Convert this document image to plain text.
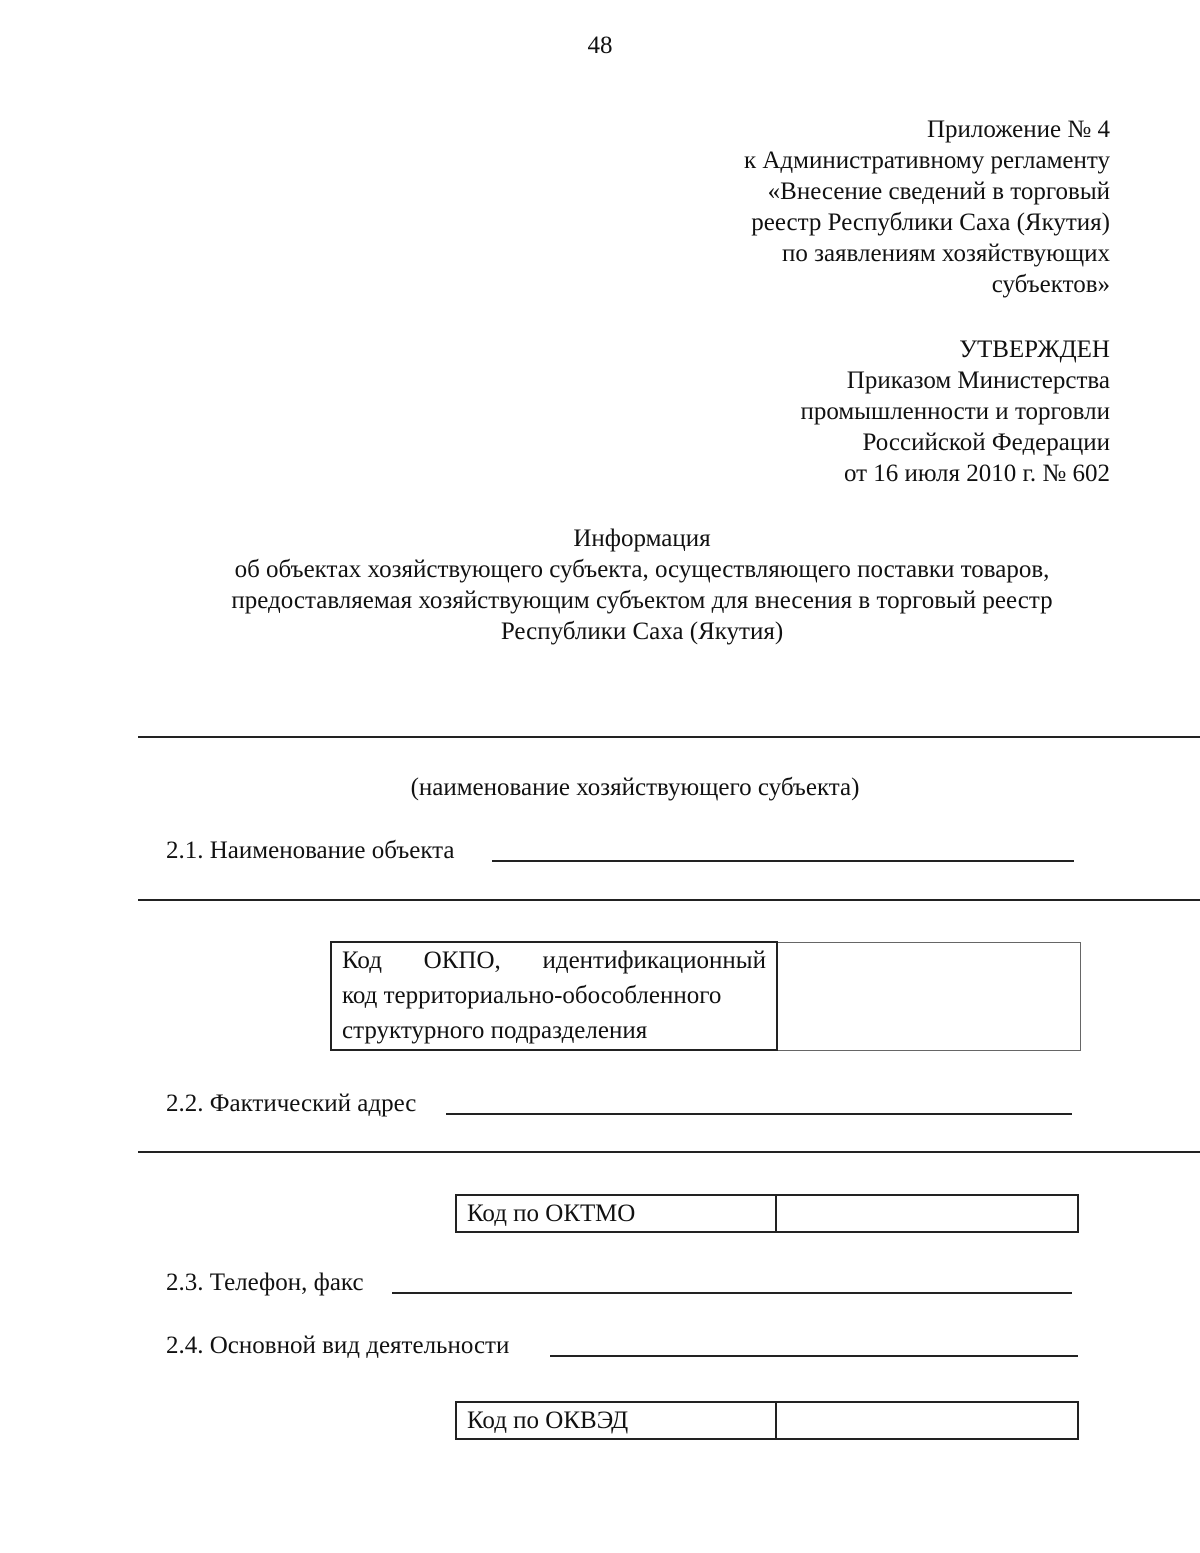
48
Приложение № 4
к Административному регламенту
«Внесение сведений в торговый
реестр Республики Саха (Якутия)
по заявлениям хозяйствующих
субъектов»
УТВЕРЖДЕН
Приказом Министерства
промышленности и торговли
Российской Федерации
от 16 июля 2010 г. № 602
Информация
об объектах хозяйствующего субъекта, осуществляющего поставки товаров,
предоставляемая хозяйствующим субъектом для внесения в торговый реестр
Республики Саха (Якутия)
(наименование хозяйствующего субъекта)
2.1. Наименование объекта
Код ОКПО, идентификационный
код территориально-обособленного
структурного подразделения

2.2. Фактический адрес
Код по ОКТМО	
2.3. Телефон, факс
2.4. Основной вид деятельности
Код по ОКВЭД	
